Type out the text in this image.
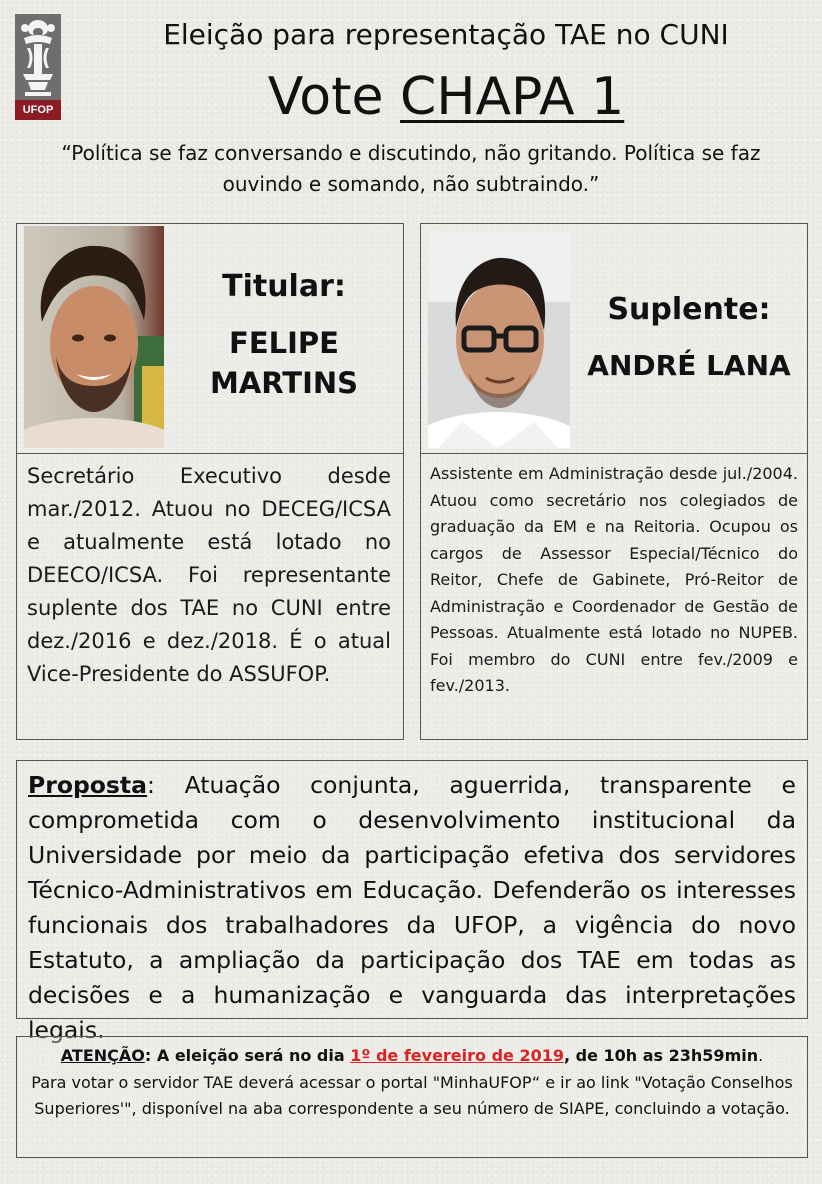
UFOP
Eleição para representação TAE no CUNI
Vote CHAPA 1
“Política se faz conversando e discutindo, não gritando. Política se faz ouvindo e somando, não subtraindo.”
Titular:
FELIPE MARTINS
Secretário Executivo desde mar./2012. Atuou no DECEG/ICSA e atualmente está lotado no DEECO/ICSA. Foi representante suplente dos TAE no CUNI entre dez./2016 e dez./2018. É o atual Vice-Presidente do ASSUFOP.
Suplente:
ANDRÉ LANA
Assistente em Administração desde jul./2004. Atuou como secretário nos colegiados de graduação da EM e na Reitoria. Ocupou os cargos de Assessor Especial/Técnico do Reitor, Chefe de Gabinete, Pró-Reitor de Administração e Coordenador de Gestão de Pessoas. Atualmente está lotado no NUPEB. Foi membro do CUNI entre fev./2009 e fev./2013.
Proposta: Atuação conjunta, aguerrida, transparente e comprometida com o desenvolvimento institucional da Universidade por meio da participação efetiva dos servidores Técnico-Administrativos em Educação. Defenderão os interesses funcionais dos trabalhadores da UFOP, a vigência do novo Estatuto, a ampliação da participação dos TAE em todas as decisões e a humanização e vanguarda das interpretações legais.
ATENÇÃO: A eleição será no dia 1º de fevereiro de 2019, de 10h as 23h59min.
Para votar o servidor TAE deverá acessar o portal "MinhaUFOP“ e ir ao link "Votação Conselhos Superiores'", disponível na aba correspondente a seu número de SIAPE, concluindo a votação.
